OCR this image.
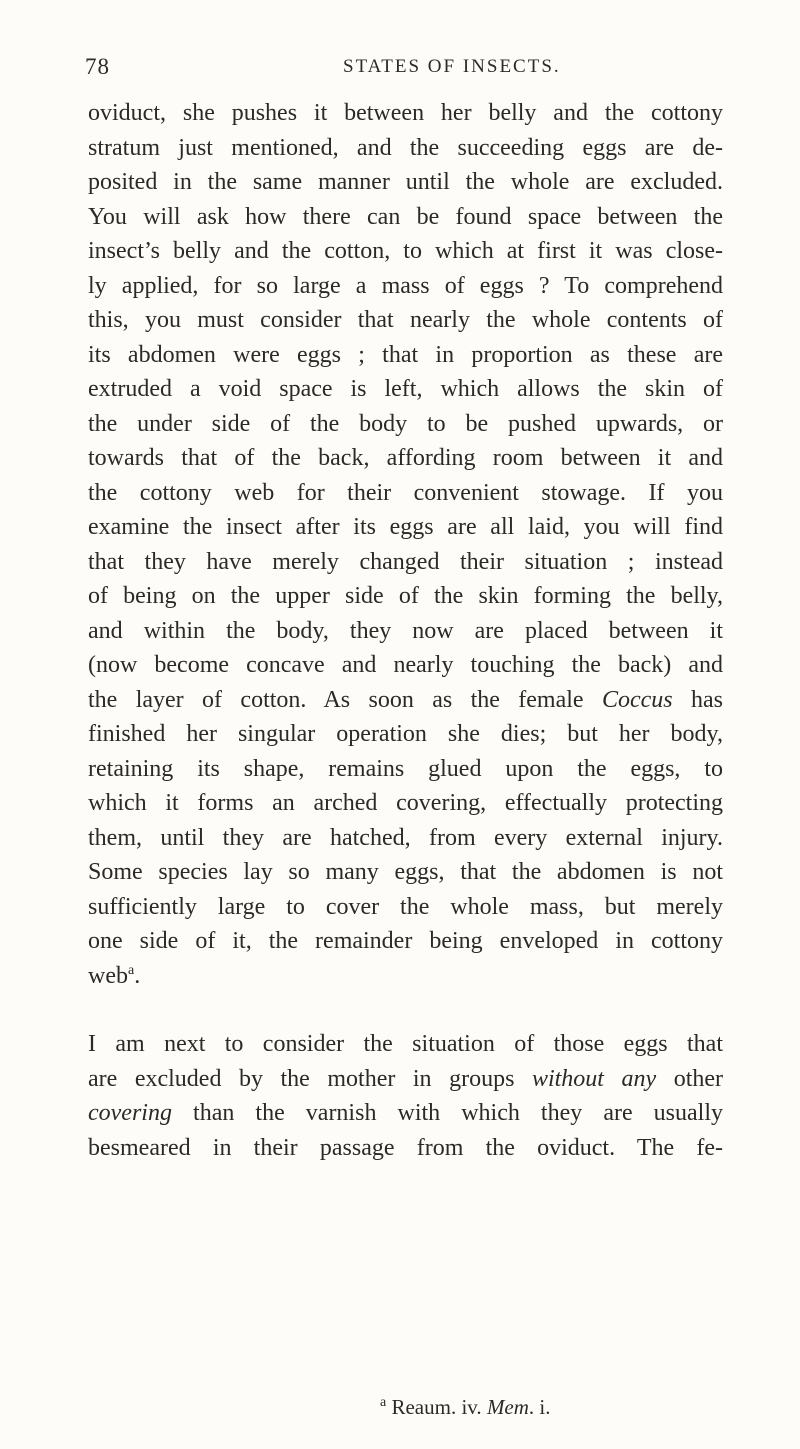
78	STATES OF INSECTS.
oviduct, she pushes it between her belly and the cottony
stratum just mentioned, and the succeeding eggs are de-
posited in the same manner until the whole are excluded.
You will ask how there can be found space between the
insect’s belly and the cotton, to which at first it was close-
ly applied, for so large a mass of eggs ? To comprehend
this, you must consider that nearly the whole contents of
its abdomen were eggs ; that in proportion as these are
extruded a void space is left, which allows the skin of
the under side of the body to be pushed upwards, or
towards that of the back, affording room between it and
the cottony web for their convenient stowage. If you
examine the insect after its eggs are all laid, you will find
that they have merely changed their situation ; instead
of being on the upper side of the skin forming the belly,
and within the body, they now are placed between it
(now become concave and nearly touching the back) and
the layer of cotton. As soon as the female Coccus has
finished her singular operation she dies; but her body,
retaining its shape, remains glued upon the eggs, to
which it forms an arched covering, effectually protecting
them, until they are hatched, from every external injury.
Some species lay so many eggs, that the abdomen is not
sufficiently large to cover the whole mass, but merely
one side of it, the remainder being enveloped in cottony
web$^a$.
I am next to consider the situation of those eggs that
are excluded by the mother in groups without any other
covering than the varnish with which they are usually
besmeared in their passage from the oviduct. The fe-
$^a$ Reaum. iv. Mem. i.
